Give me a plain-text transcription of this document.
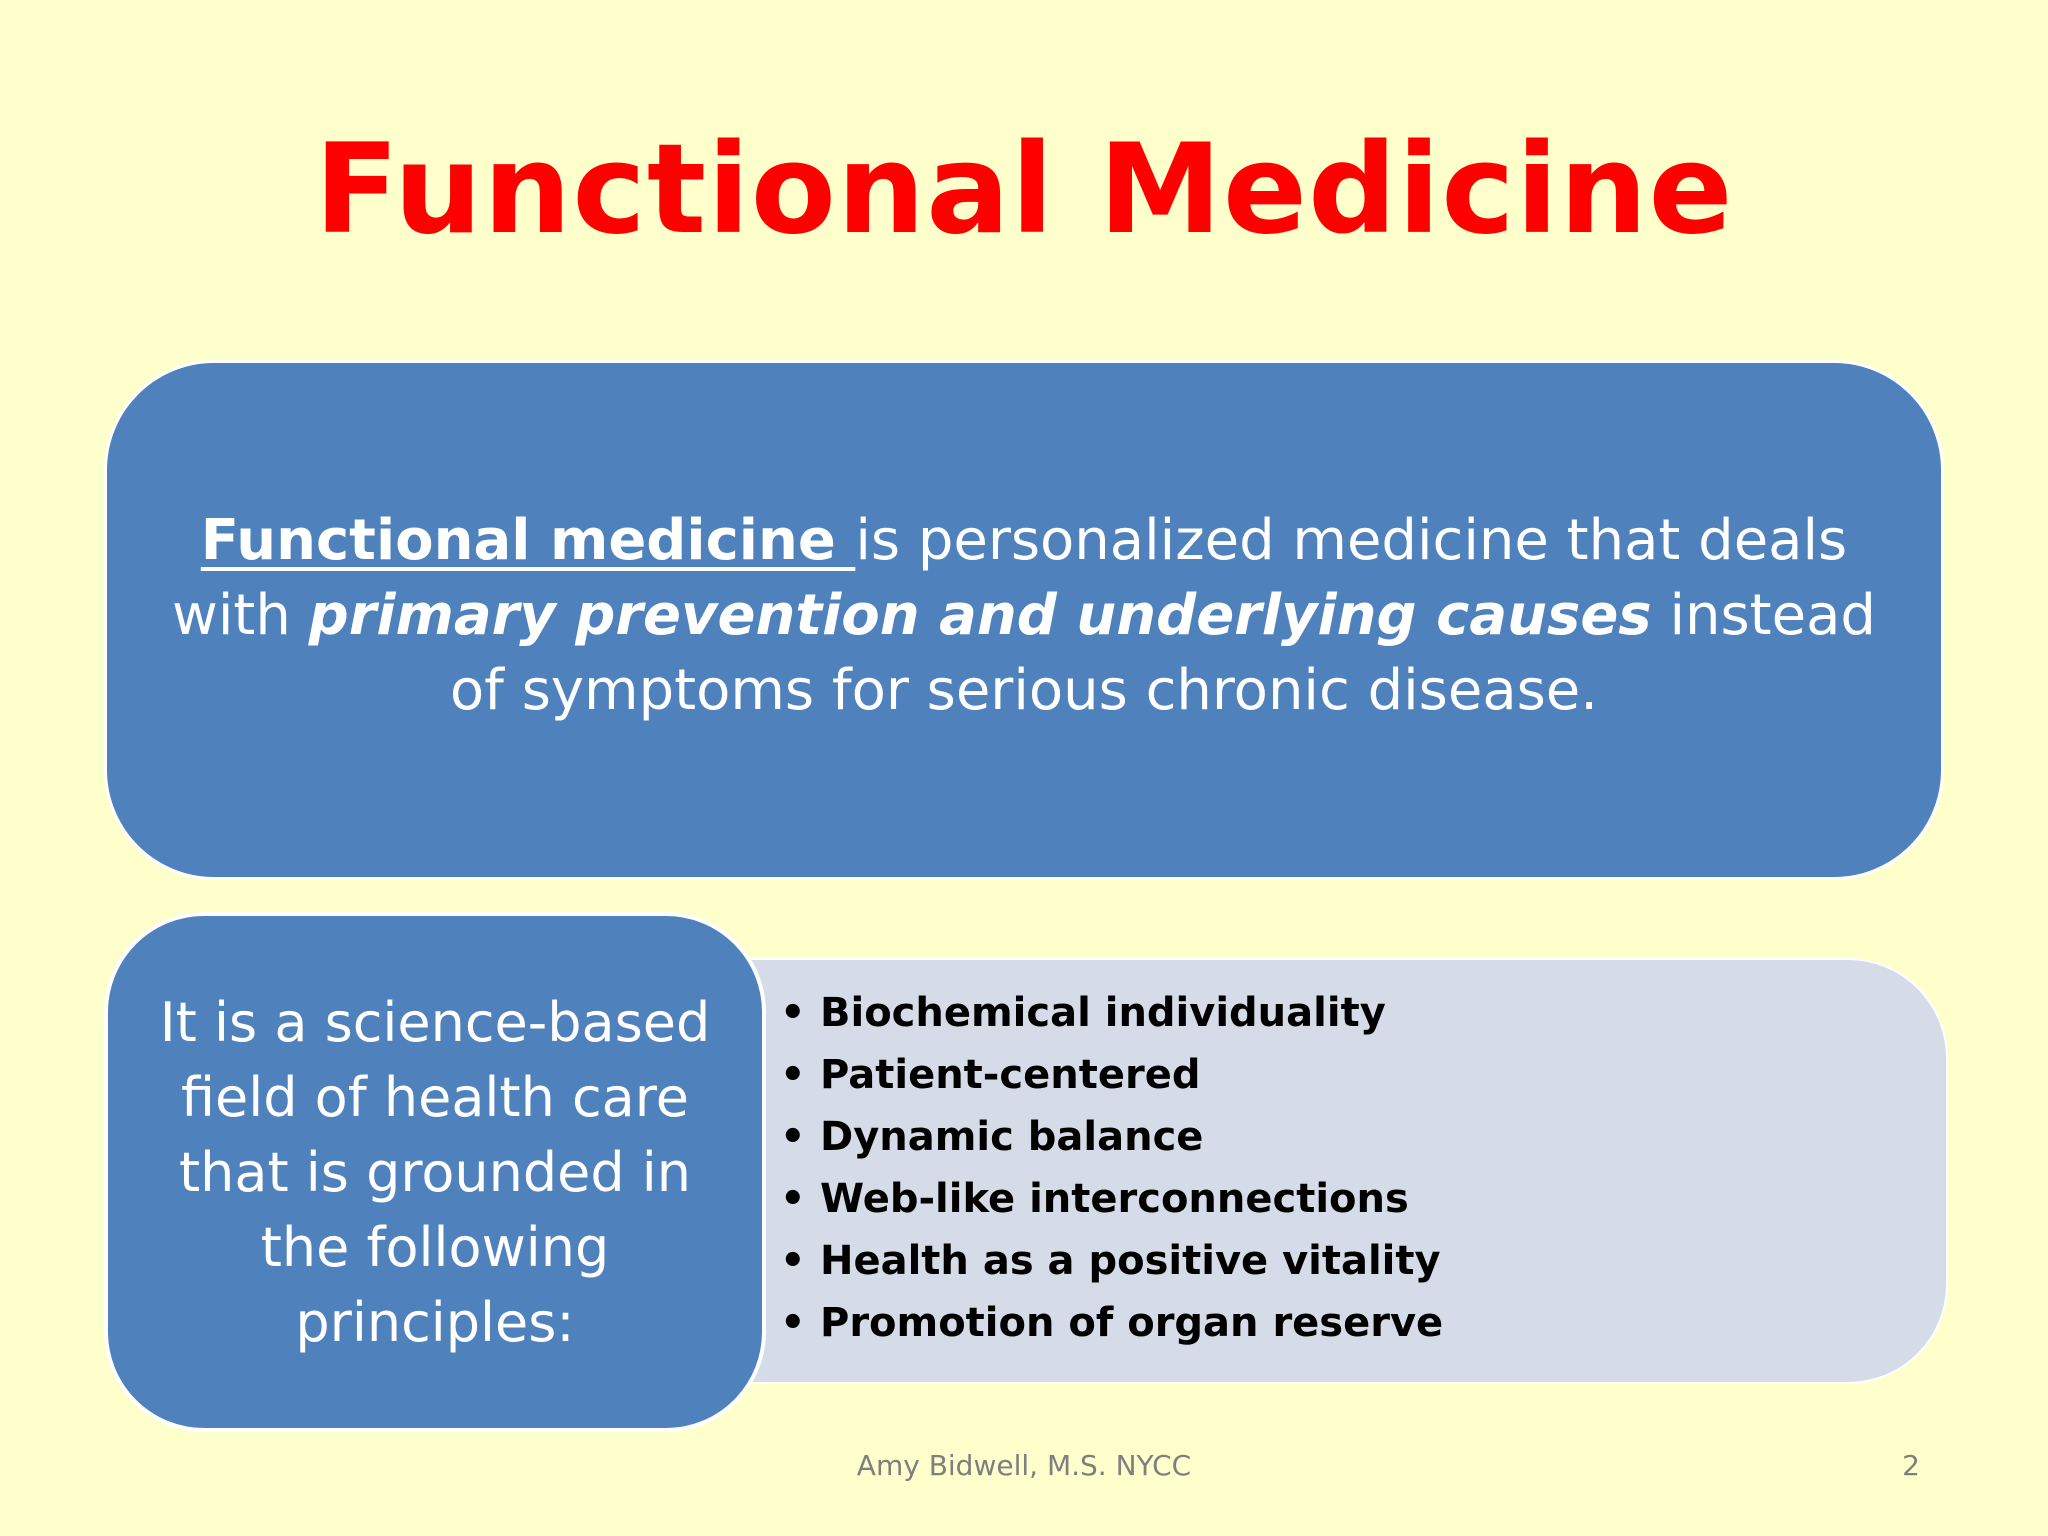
Functional Medicine
Functional medicine is personalized medicine that deals with primary prevention and underlying causes instead of symptoms for serious chronic disease.
• Biochemical individuality
• Patient-centered
• Dynamic balance
• Web-like interconnections
• Health as a positive vitality
• Promotion of organ reserve
It is a science-based field of health care that is grounded in the following principles:
Amy Bidwell, M.S. NYCC	2
